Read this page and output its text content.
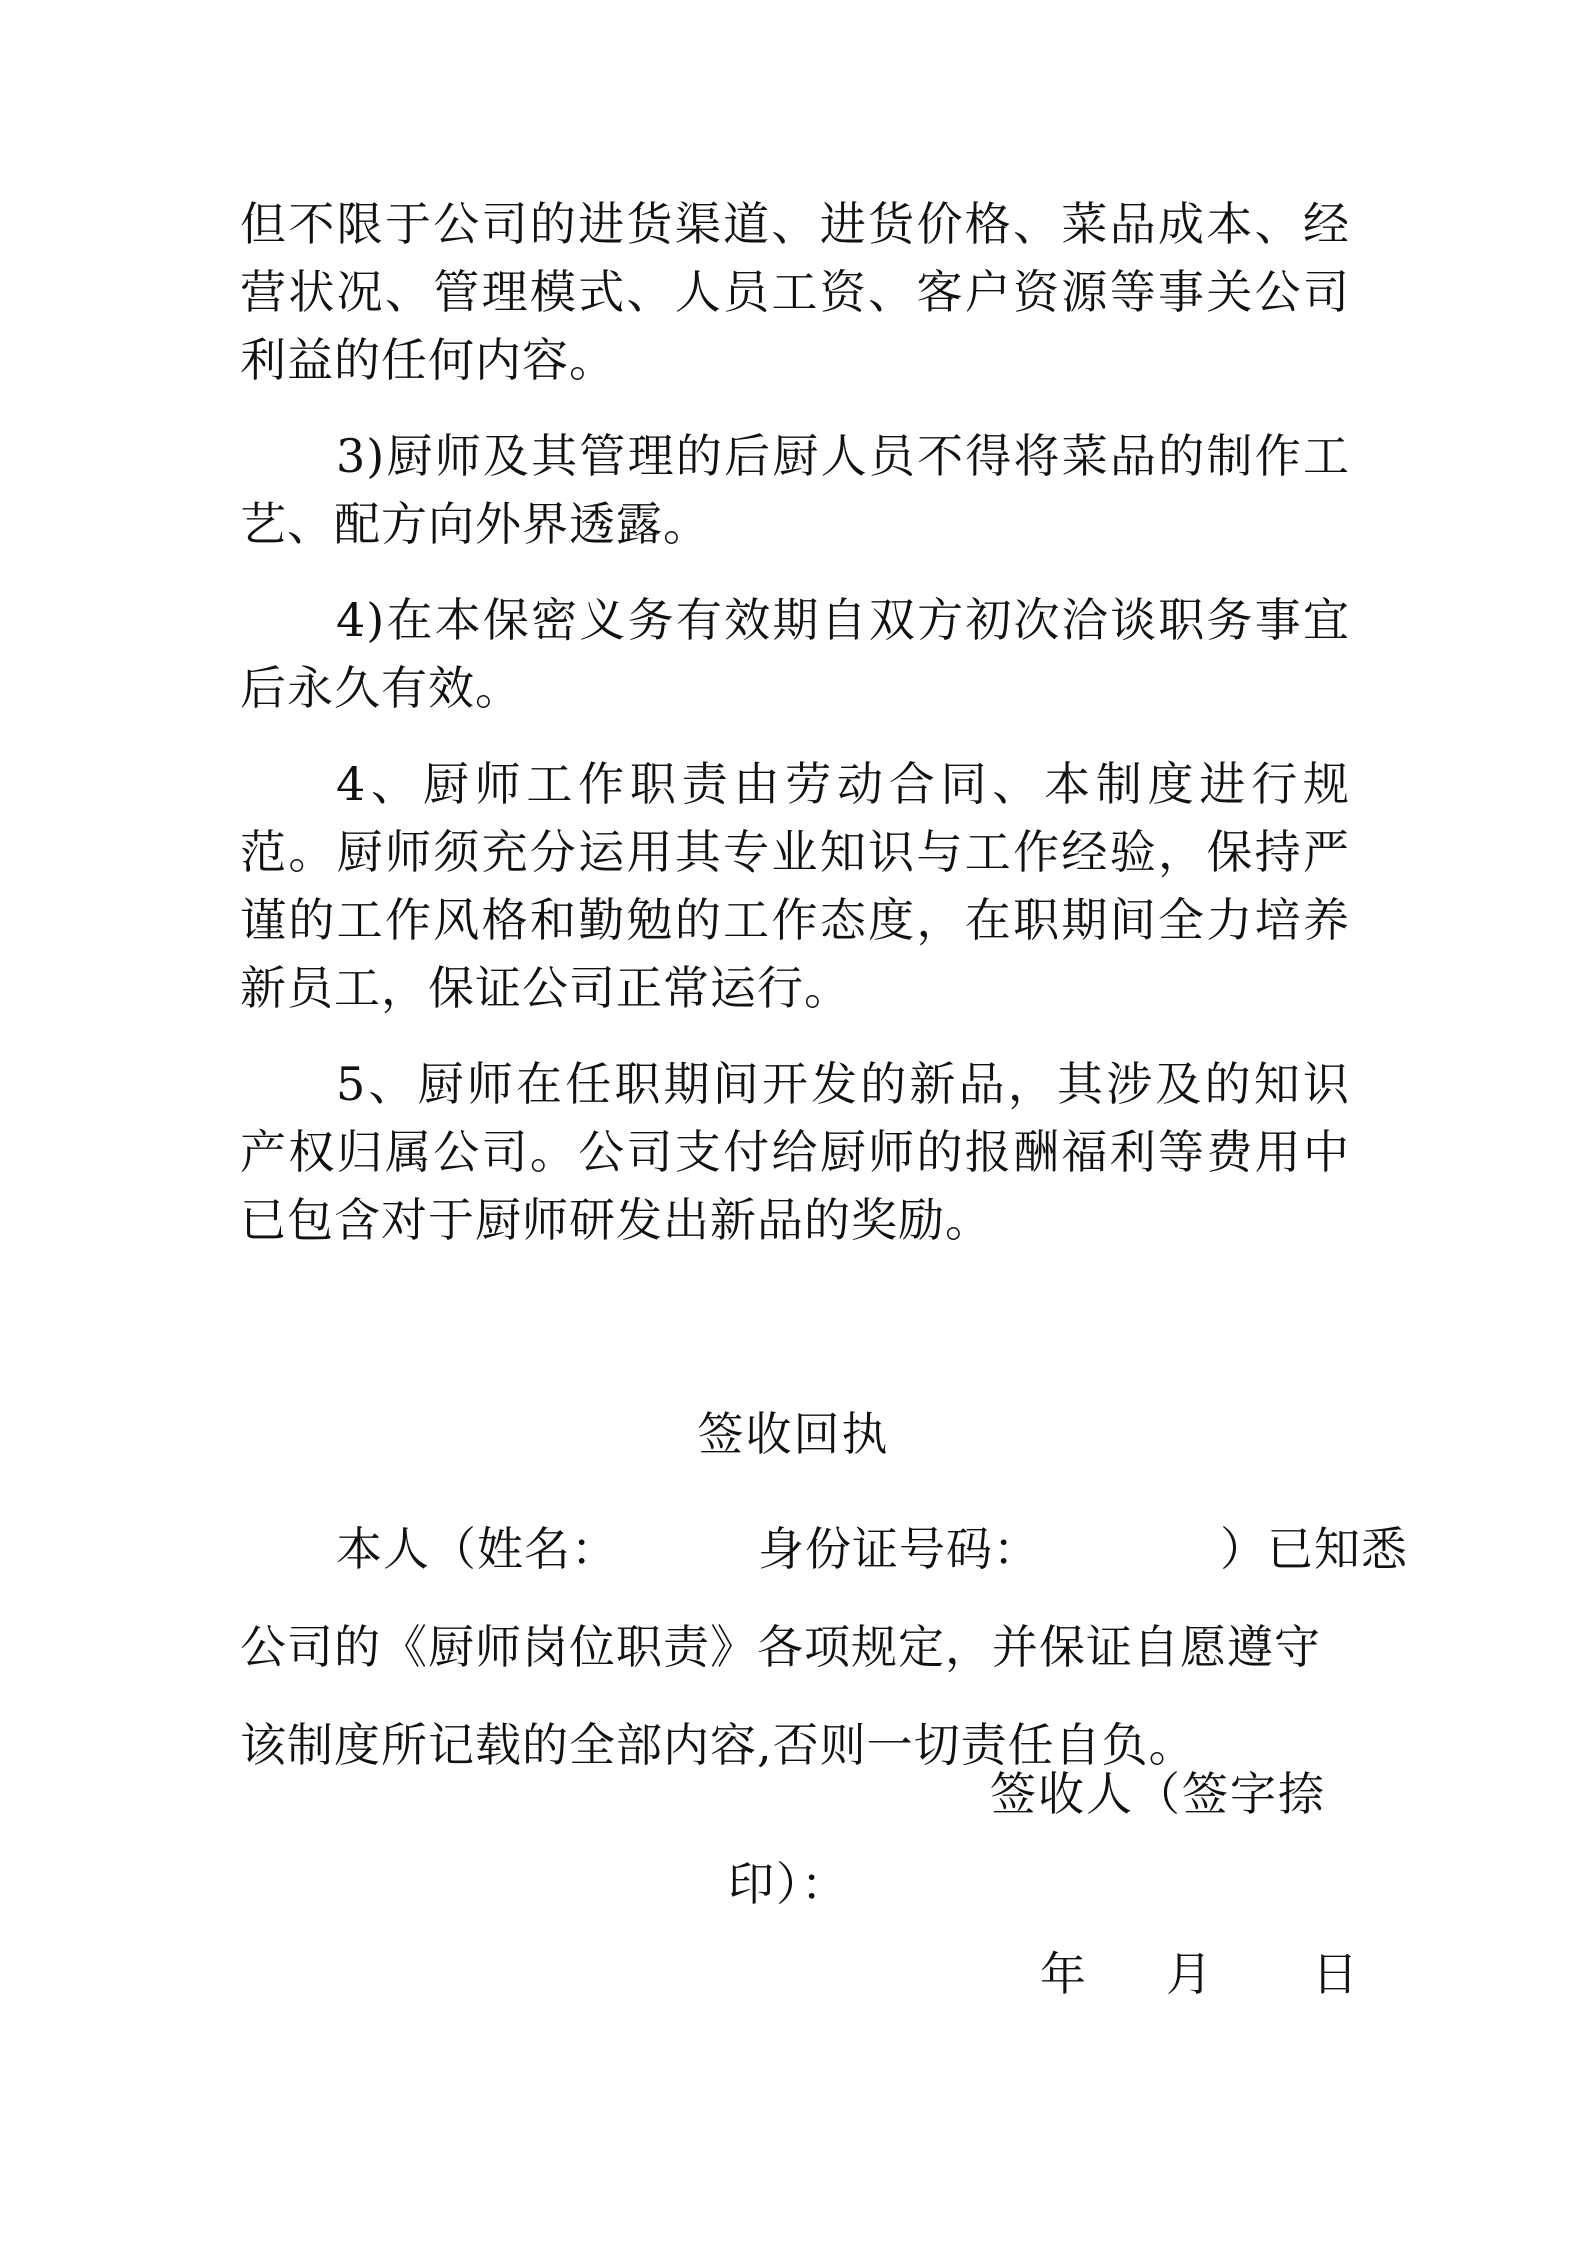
但不限于公司的进货渠道、进货价格、菜品成本、经营状况、管理模式、人员工资、客户资源等事关公司利益的任何内容。

3)厨师及其管理的后厨人员不得将菜品的制作工艺、配方向外界透露。

4)在本保密义务有效期自双方初次洽谈职务事宜后永久有效。

4、厨师工作职责由劳动合同、本制度进行规范。厨师须充分运用其专业知识与工作经验，保持严谨的工作风格和勤勉的工作态度，在职期间全力培养新员工，保证公司正常运行。

5、厨师在任职期间开发的新品，其涉及的知识产权归属公司。公司支付给厨师的报酬福利等费用中已包含对于厨师研发出新品的奖励。

签收回执
本人（姓名：	身份证号码：	）已知悉
公司的《厨师岗位职责》各项规定，并保证自愿遵守
该制度所记载的全部内容,否则一切责任自负。
签收人（签字捺
印）：
年 月 日
